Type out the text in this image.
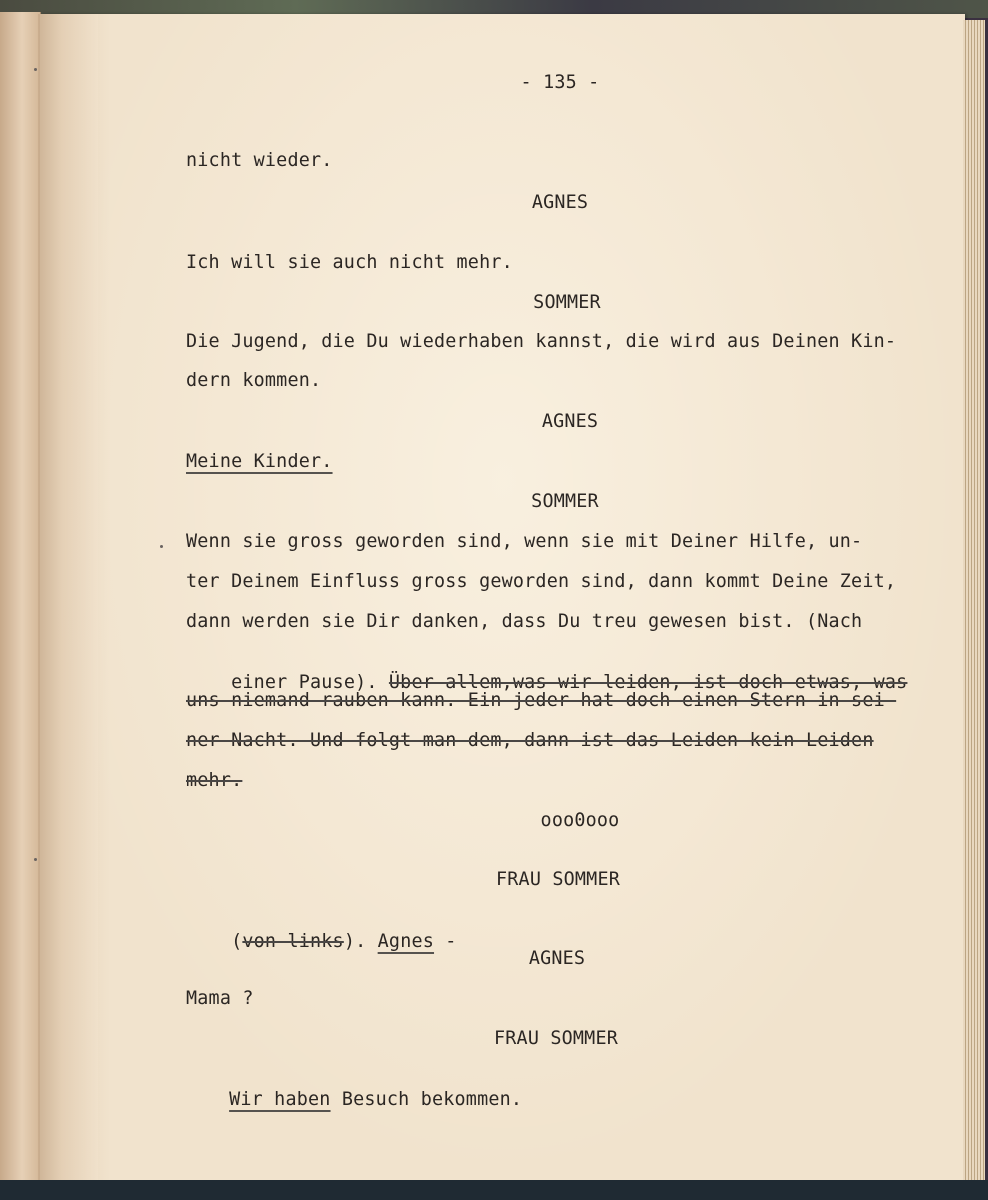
- 135 -
nicht wieder.
AGNES
Ich will sie auch nicht mehr.
SOMMER
Die Jugend, die Du wiederhaben kannst, die wird aus Deinen Kin-
dern kommen.
AGNES
Meine Kinder.
SOMMER
Wenn sie gross geworden sind, wenn sie mit Deiner Hilfe, un-
ter Deinem Einfluss gross geworden sind, dann kommt Deine Zeit,
dann werden sie Dir danken, dass Du treu gewesen bist. (Nach

einer Pause). Über allem,was wir leiden, ist doch etwas, was

uns niemand rauben kann. Ein jeder hat doch einen Stern in sei-
ner Nacht. Und folgt man dem, dann ist das Leiden kein Leiden
mehr.
ooo0ooo
FRAU SOMMER

(von links). Agnes -

AGNES
Mama ?
FRAU SOMMER

Wir haben Besuch bekommen.
